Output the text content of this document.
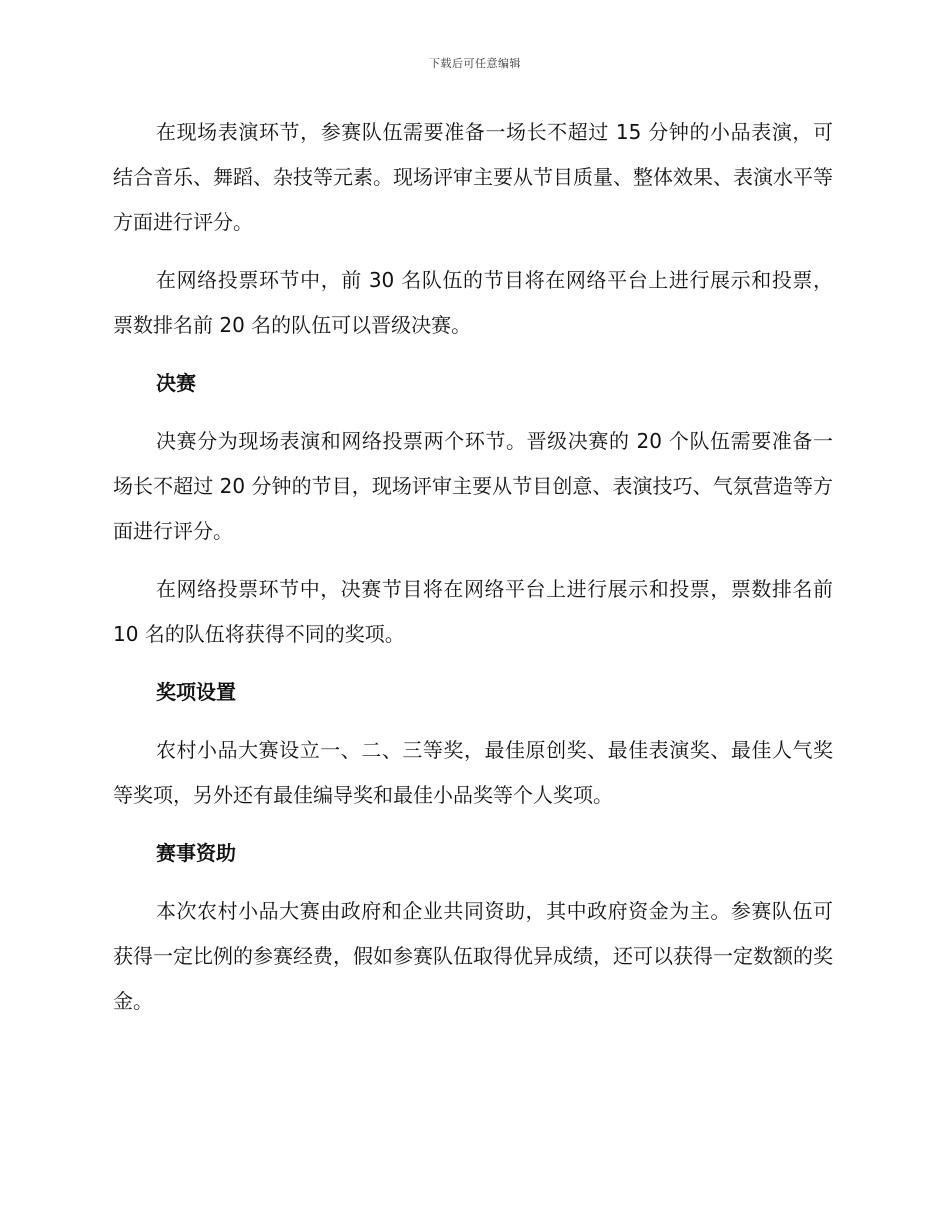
下载后可任意编辑

在现场表演环节，参赛队伍需要准备一场长不超过 15 分钟的小品表演，可结合音乐、舞蹈、杂技等元素。现场评审主要从节目质量、整体效果、表演水平等方面进行评分。

在网络投票环节中，前 30 名队伍的节目将在网络平台上进行展示和投票，票数排名前 20 名的队伍可以晋级决赛。

决赛

决赛分为现场表演和网络投票两个环节。晋级决赛的 20 个队伍需要准备一场长不超过 20 分钟的节目，现场评审主要从节目创意、表演技巧、气氛营造等方面进行评分。

在网络投票环节中，决赛节目将在网络平台上进行展示和投票，票数排名前 10 名的队伍将获得不同的奖项。

奖项设置

农村小品大赛设立一、二、三等奖，最佳原创奖、最佳表演奖、最佳人气奖等奖项，另外还有最佳编导奖和最佳小品奖等个人奖项。

赛事资助

本次农村小品大赛由政府和企业共同资助，其中政府资金为主。参赛队伍可获得一定比例的参赛经费，假如参赛队伍取得优异成绩，还可以获得一定数额的奖金。
